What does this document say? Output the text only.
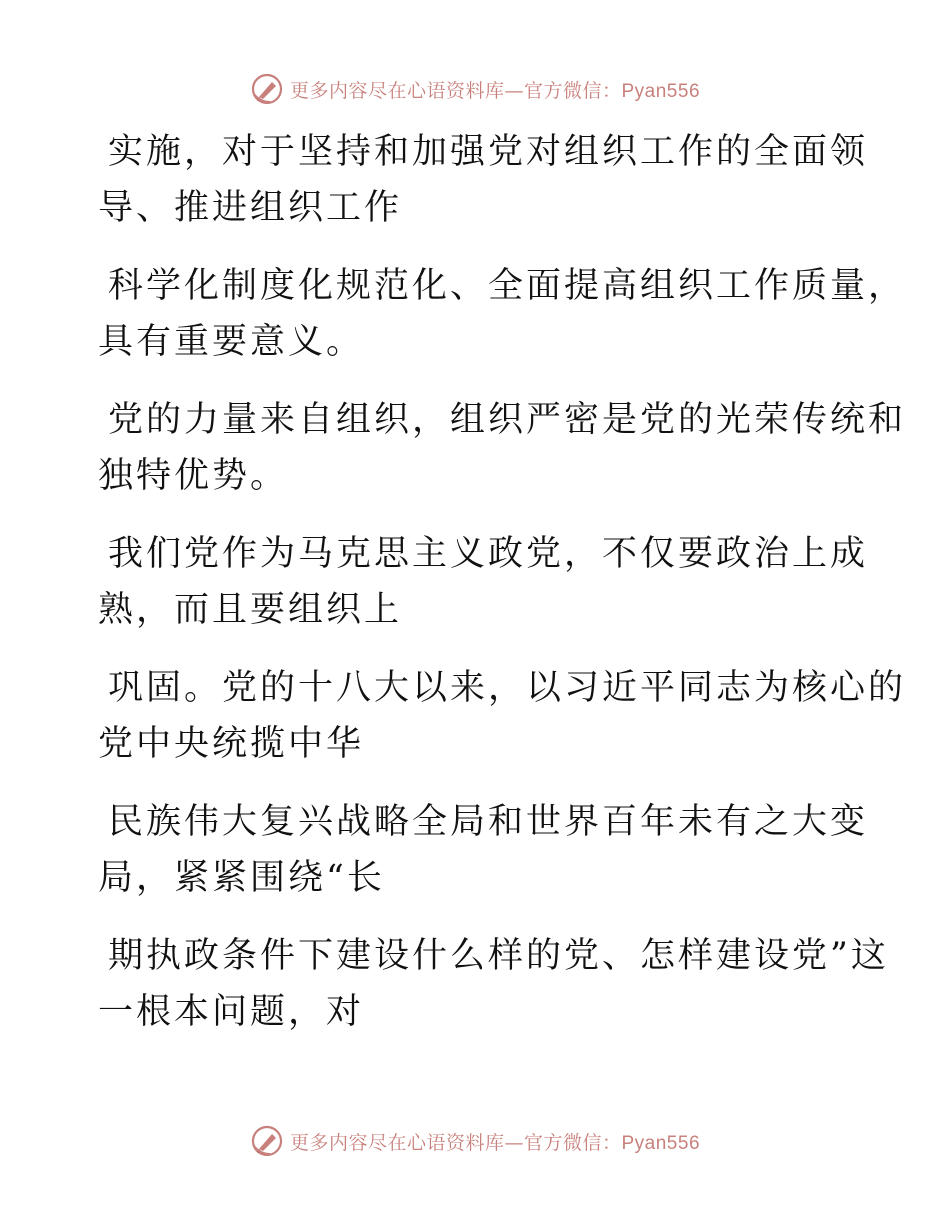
更多内容尽在心语资料库—官方微信：Pyan556
实施，对于坚持和加强党对组织工作的全面领
导、推进组织工作
科学化制度化规范化、全面提高组织工作质量，
具有重要意义。
党的力量来自组织，组织严密是党的光荣传统和
独特优势。
我们党作为马克思主义政党，不仅要政治上成
熟，而且要组织上
巩固。党的十八大以来，以习近平同志为核心的
党中央统揽中华
民族伟大复兴战略全局和世界百年未有之大变
局，紧紧围绕“长
期执政条件下建设什么样的党、怎样建设党”这
一根本问题，对
更多内容尽在心语资料库—官方微信：Pyan556
